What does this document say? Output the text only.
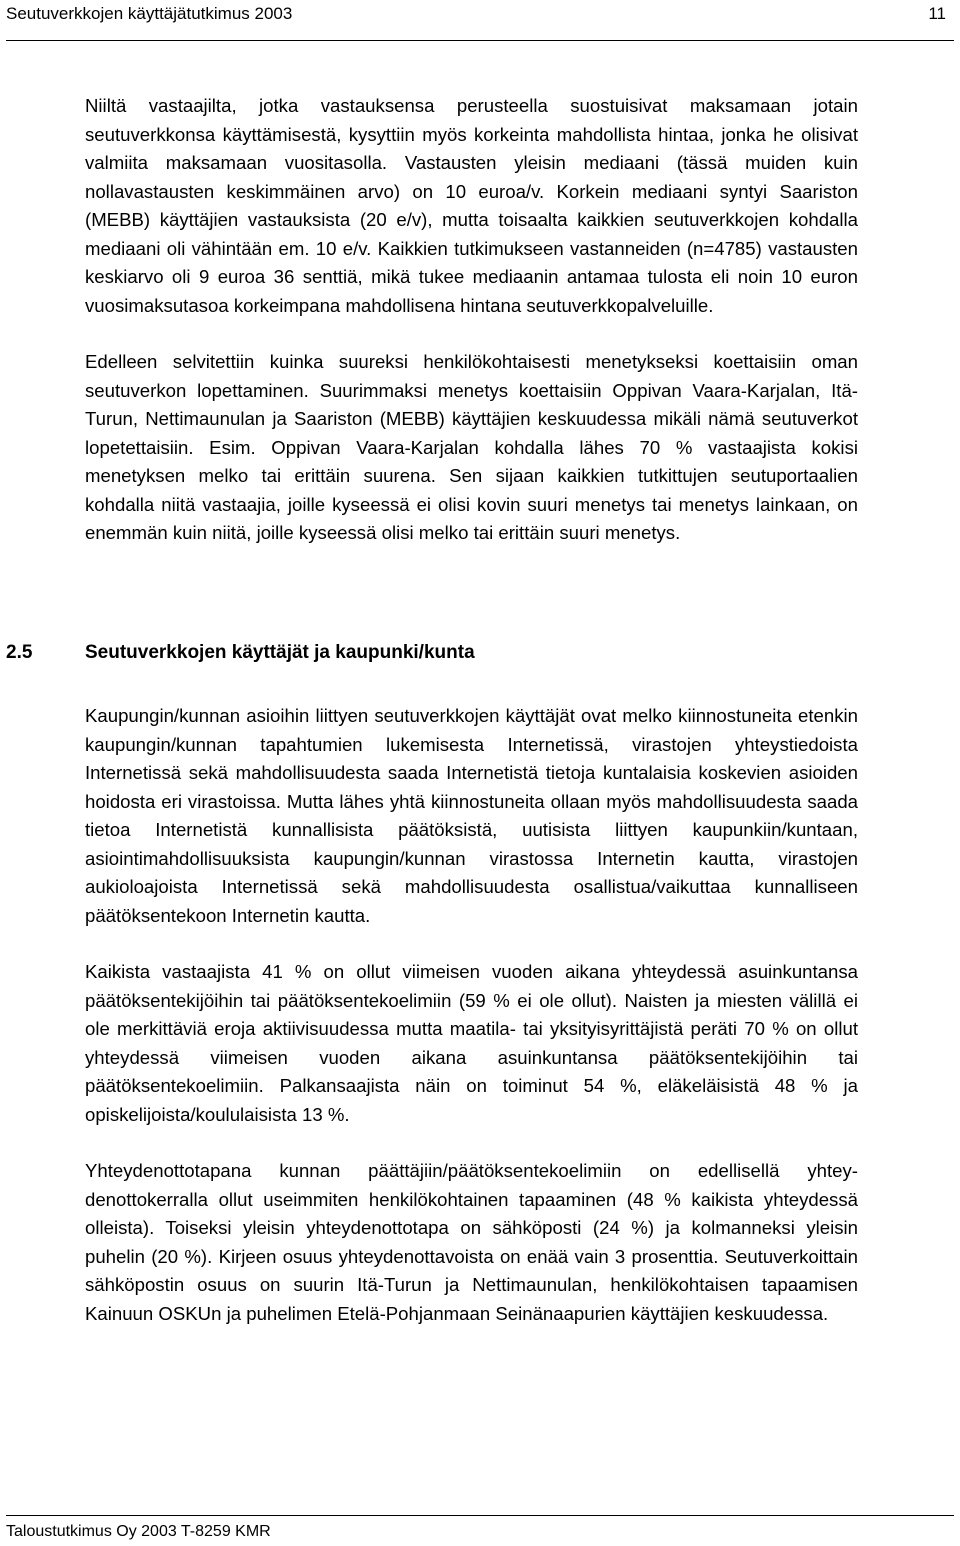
Seutuverkkojen käyttäjätutkimus 2003	11

Niiltä vastaajilta, jotka vastauksensa perusteella suostuisivat maksamaan jotain seutuverkkonsa käyttämisestä, kysyttiin myös korkeinta mahdollista hintaa, jonka he olisivat valmiita maksamaan vuositasolla. Vastausten yleisin mediaani (tässä muiden kuin nollavastausten keskimmäinen arvo) on 10 euroa/v. Korkein mediaani syntyi Saariston (MEBB) käyttäjien vastauksista (20 e/v), mutta toisaalta kaikkien seutuverkkojen kohdalla mediaani oli vähintään em. 10 e/v. Kaikkien tutkimukseen vastanneiden (n=4785) vastausten keskiarvo oli 9 euroa 36 senttiä, mikä tukee mediaanin antamaa tulosta eli noin 10 euron vuosimaksutasoa korkeimpana mahdollisena hintana seutuverkkopalveluille.

Edelleen selvitettiin kuinka suureksi henkilökohtaisesti menetykseksi koettaisiin oman seutuverkon lopettaminen. Suurimmaksi menetys koettaisiin Oppivan Vaara-Karjalan, Itä-Turun, Nettimaunulan ja Saariston (MEBB) käyttäjien keskuudessa mikäli nämä seutuverkot lopetettaisiin. Esim. Oppivan Vaara-Karjalan kohdalla lähes 70 % vastaajista kokisi menetyksen melko tai erittäin suurena. Sen sijaan kaikkien tutkittujen seutuportaalien kohdalla niitä vastaajia, joille kyseessä ei olisi kovin suuri menetys tai menetys lainkaan, on enemmän kuin niitä, joille kyseessä olisi melko tai erittäin suuri menetys.

2.5	Seutuverkkojen käyttäjät ja kaupunki/kunta

Kaupungin/kunnan asioihin liittyen seutuverkkojen käyttäjät ovat melko kiinnostuneita etenkin kaupungin/kunnan tapahtumien lukemisesta Internetissä, virastojen yhteystiedoista Internetissä sekä mahdollisuudesta saada Internetistä tietoja kuntalaisia koskevien asioiden hoidosta eri virastoissa. Mutta lähes yhtä kiinnostuneita ollaan myös mahdollisuudesta saada tietoa Internetistä kunnallisista päätöksistä, uutisista liittyen kaupunkiin/kuntaan, asiointimahdollisuuksista kaupungin/kunnan virastossa Internetin kautta, virastojen aukioloajoista Internetissä sekä mahdollisuudesta osallistua/vaikuttaa kunnalliseen päätöksentekoon Internetin kautta.

Kaikista vastaajista 41 % on ollut viimeisen vuoden aikana yhteydessä asuinkuntansa päätöksentekijöihin tai päätöksentekoelimiin (59 % ei ole ollut). Naisten ja miesten välillä ei ole merkittäviä eroja aktiivisuudessa mutta maatila- tai yksityisyrittäjistä peräti 70 % on ollut yhteydessä viimeisen vuoden aikana asuinkuntansa päätöksentekijöihin tai päätöksentekoelimiin. Palkansaajista näin on toiminut 54 %, eläkeläisistä 48 % ja opiskelijoista/koululaisista 13 %.

Yhteydenottotapana kunnan päättäjiin/päätöksentekoelimiin on edellisellä yhteydenottokerralla ollut useimmiten henkilökohtainen tapaaminen (48 % kaikista yhteydessä olleista). Toiseksi yleisin yhteydenottotapa on sähköposti (24 %) ja kolmanneksi yleisin puhelin (20 %). Kirjeen osuus yhteydenottavoista on enää vain 3 prosenttia. Seutuverkoittain sähköpostin osuus on suurin Itä-Turun ja Nettimaunulan, henkilökohtaisen tapaamisen Kainuun OSKUn ja puhelimen Etelä-Pohjanmaan Seinänaapurien käyttäjien keskuudessa.

Taloustutkimus Oy 2003 T-8259 KMR
